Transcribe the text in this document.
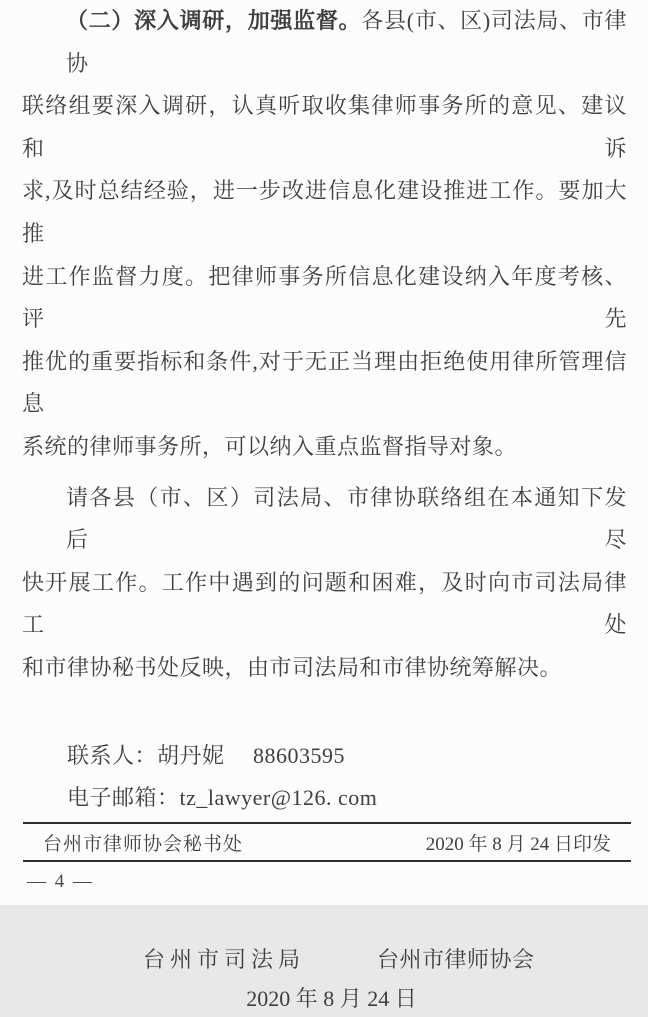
（二）深入调研，加强监督。各县(市、区)司法局、市律协
联络组要深入调研，认真听取收集律师事务所的意见、建议和诉
求,及时总结经验，进一步改进信息化建设推进工作。要加大推
进工作监督力度。把律师事务所信息化建设纳入年度考核、评先
推优的重要指标和条件,对于无正当理由拒绝使用律所管理信息
系统的律师事务所，可以纳入重点监督指导对象。
请各县（市、区）司法局、市律协联络组在本通知下发后尽
快开展工作。工作中遇到的问题和困难，及时向市司法局律工处
和市律协秘书处反映，由市司法局和市律协统筹解决。
联系人：胡丹妮　 88603595
电子邮箱：tz_lawyer@126. com
台州市司法局	台州市律师协会
2020 年 8 月 24 日
台州市律师协会秘书处	2020 年 8 月 24 日印发
— 4 —
